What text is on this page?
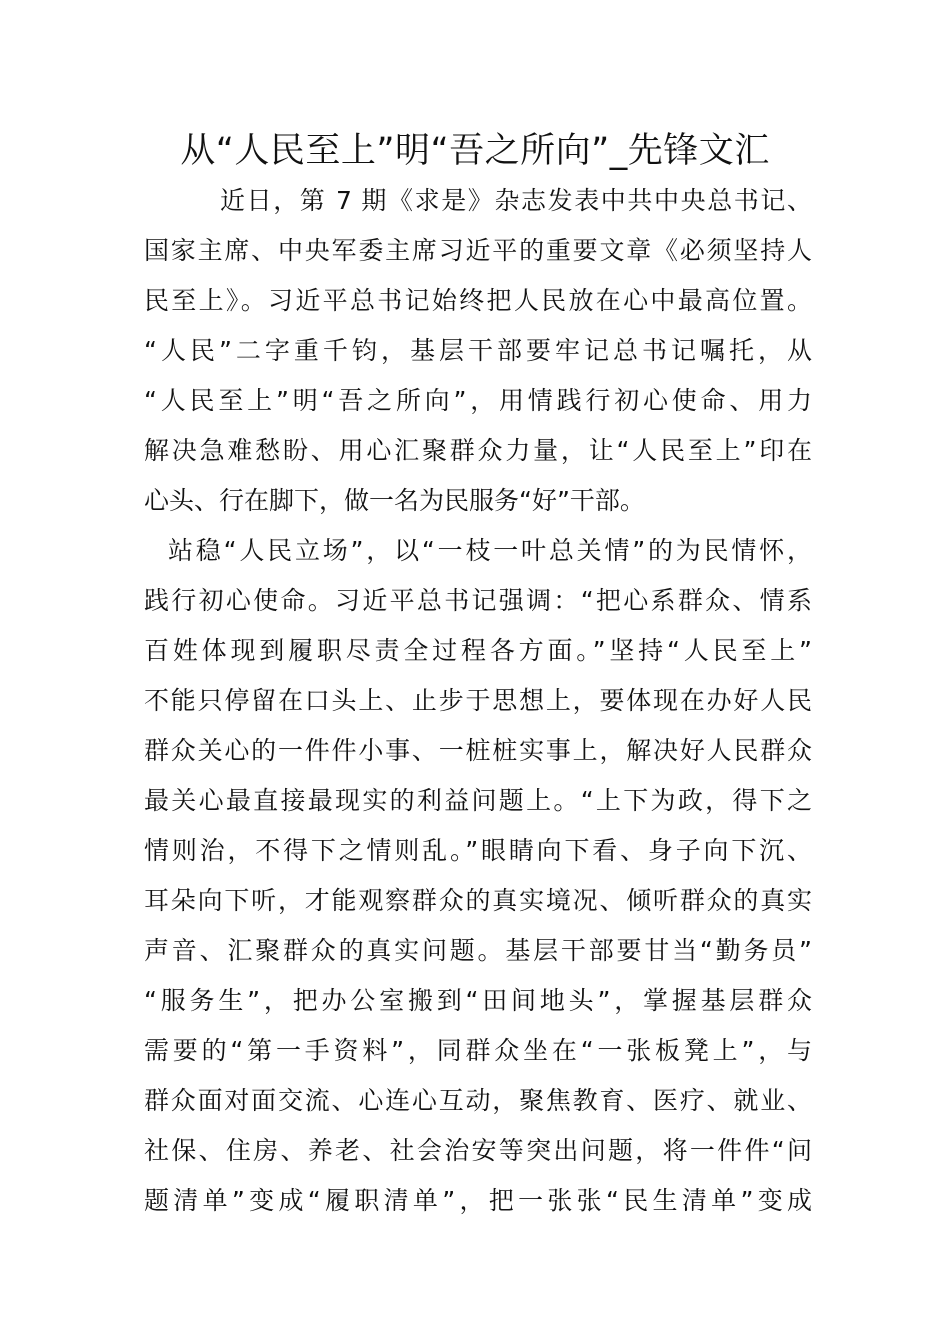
从“人民至上”明“吾之所向”_先锋文汇
近日，第 7 期《求是》杂志发表中共中央总书记、
国家主席、中央军委主席习近平的重要文章《必须坚持人
民至上》。习近平总书记始终把人民放在心中最高位置。
“人民”二字重千钧，基层干部要牢记总书记嘱托，从
“人民至上”明“吾之所向”，用情践行初心使命、用力
解决急难愁盼、用心汇聚群众力量，让“人民至上”印在
心头、行在脚下，做一名为民服务“好”干部。
站稳“人民立场”，以“一枝一叶总关情”的为民情怀，
践行初心使命。习近平总书记强调：“把心系群众、情系
百姓体现到履职尽责全过程各方面。”坚持“人民至上”
不能只停留在口头上、止步于思想上，要体现在办好人民
群众关心的一件件小事、一桩桩实事上，解决好人民群众
最关心最直接最现实的利益问题上。“上下为政，得下之
情则治，不得下之情则乱。”眼睛向下看、身子向下沉、
耳朵向下听，才能观察群众的真实境况、倾听群众的真实
声音、汇聚群众的真实问题。基层干部要甘当“勤务员”
“服务生”，把办公室搬到“田间地头”，掌握基层群众
需要的“第一手资料”，同群众坐在“一张板凳上”，与
群众面对面交流、心连心互动，聚焦教育、医疗、就业、
社保、住房、养老、社会治安等突出问题，将一件件“问
题清单”变成“履职清单”，把一张张“民生清单”变成
